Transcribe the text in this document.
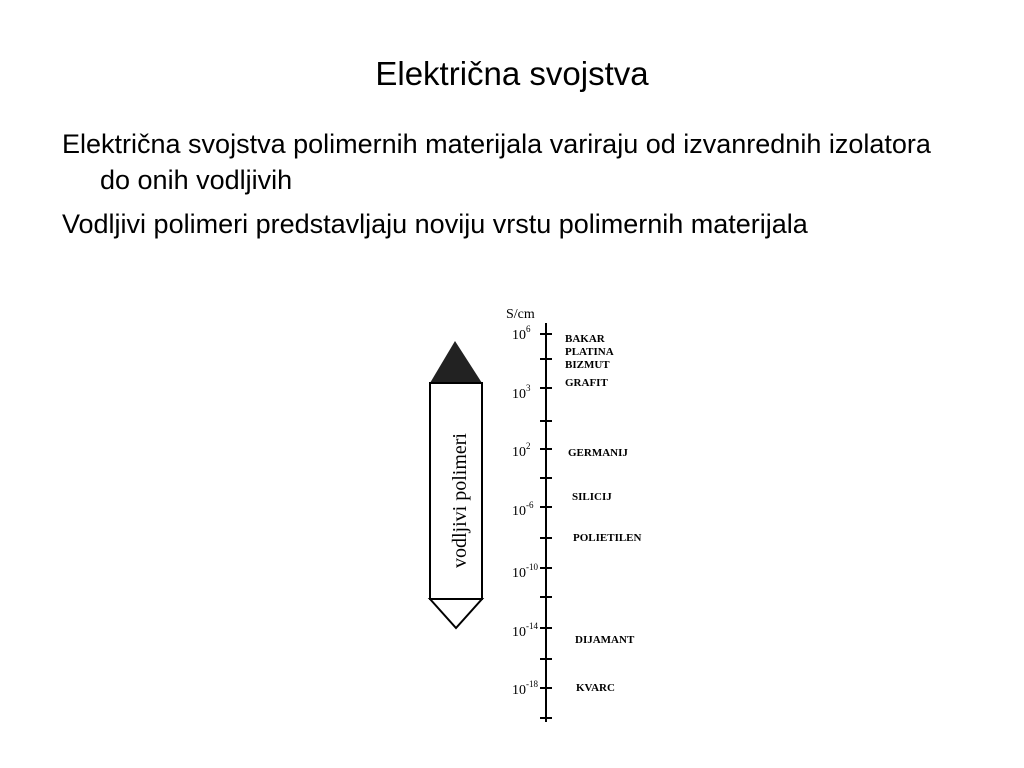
Električna svojstva
Električna svojstva polimernih materijala variraju od izvanrednih izolatora do onih vodljivih
Vodljivi polimeri predstavljaju noviju vrstu polimernih materijala
vodljivi polimeri
S/cm
$10^6$
$10^3$
$10^2$
$10^{-6}$
$10^{-10}$
$10^{-14}$
$10^{-18}$
BAKAR
PLATINA
BIZMUT
GRAFIT
GERMANIJ
SILICIJ
POLIETILEN
DIJAMANT
KVARC
